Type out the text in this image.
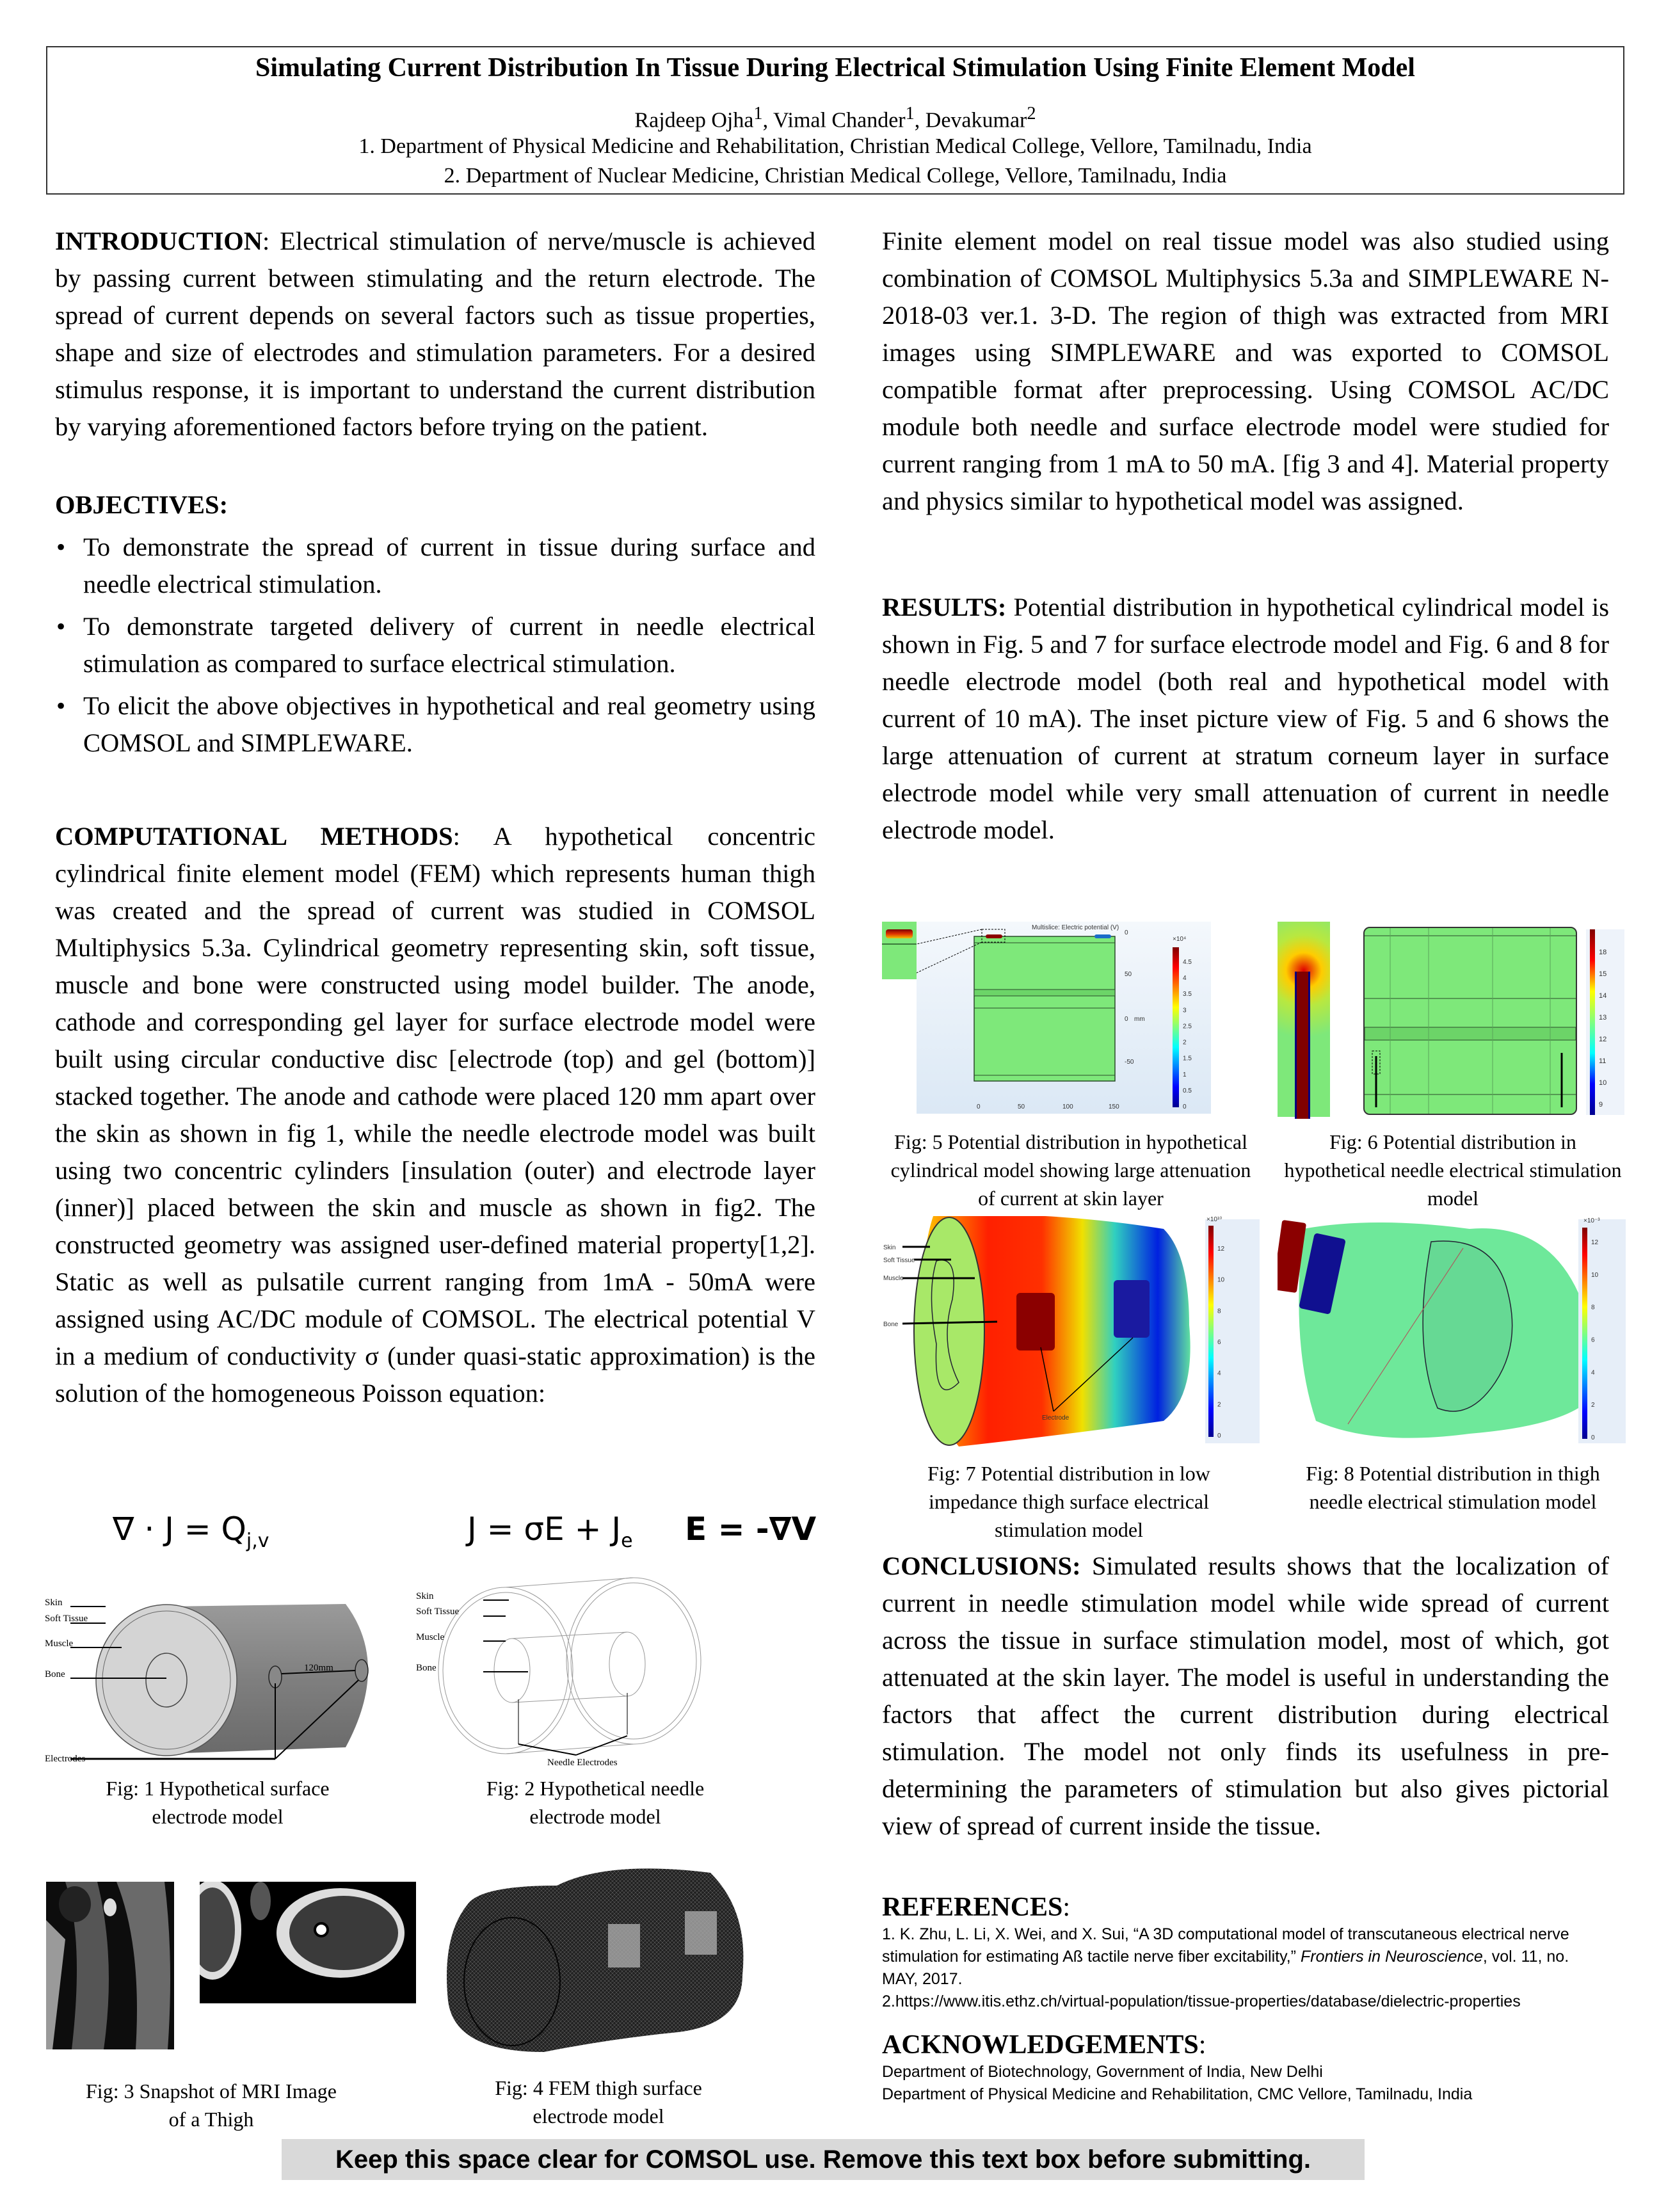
Simulating Current Distribution In Tissue During Electrical Stimulation Using Finite Element Model
Rajdeep Ojha$^1$, Vimal Chander$^1$, Devakumar$^2$
1. Department of Physical Medicine and Rehabilitation, Christian Medical College, Vellore, Tamilnadu, India
2. Department of Nuclear Medicine, Christian Medical College, Vellore, Tamilnadu, India
INTRODUCTION: Electrical stimulation of nerve/muscle is achieved by passing current between stimulating and the return electrode. The spread of current depends on several factors such as tissue properties, shape and size of electrodes and stimulation parameters. For a desired stimulus response, it is important to understand the current distribution by varying aforementioned factors before trying on the patient.
OBJECTIVES:
• To demonstrate the spread of current in tissue during surface and needle electrical stimulation.
• To demonstrate targeted delivery of current in needle electrical stimulation as compared to surface electrical stimulation.
• To elicit the above objectives in hypothetical and real geometry using COMSOL and SIMPLEWARE.
COMPUTATIONAL METHODS: A hypothetical concentric cylindrical finite element model (FEM) which represents human thigh was created and the spread of current was studied in COMSOL Multiphysics 5.3a. Cylindrical geometry representing skin, soft tissue, muscle and bone were constructed using model builder. The anode, cathode and corresponding gel layer for surface electrode model were built using circular conductive disc [electrode (top) and gel (bottom)] stacked together. The anode and cathode were placed 120 mm apart over the skin as shown in fig 1, while the needle electrode model was built using two concentric cylinders [insulation (outer) and electrode layer (inner)] placed between the skin and muscle as shown in fig2. The constructed geometry was assigned user-defined material property[1,2]. Static as well as pulsatile current ranging from 1mA - 50mA were assigned using AC/DC module of COMSOL. The electrical potential V in a medium of conductivity σ (under quasi-static approximation) is the solution of the homogeneous Poisson equation:
∇ · $J = Q_{j,v}$	$J = \sigma E + J_e$ E = -∇V
120mm
Skin
Soft Tissue
Muscle
Bone
Electrodes
Fig: 1 Hypothetical surface electrode model
Skin
Soft Tissue
Muscle
Bone
Needle Electrodes
Fig: 2 Hypothetical needle electrode model
Fig: 3 Snapshot of MRI Image of a Thigh
Fig: 4 FEM thigh surface electrode model
Finite element model on real tissue model was also studied using combination of COMSOL Multiphysics 5.3a and SIMPLEWARE N-2018-03 ver.1. 3-D. The region of thigh was extracted from MRI images using SIMPLEWARE and was exported to COMSOL compatible format after preprocessing. Using COMSOL AC/DC module both needle and surface electrode model were studied for current ranging from 1 mA to 50 mA. [fig 3 and 4]. Material property and physics similar to hypothetical model was assigned.
RESULTS: Potential distribution in hypothetical cylindrical model is shown in Fig. 5 and 7 for surface electrode model and Fig. 6 and 8 for needle electrode model (both real and hypothetical model with current of 10 mA). The inset picture view of Fig. 5 and 6 shows the large attenuation of current at stratum corneum layer in surface electrode model while very small attenuation of current in needle electrode model.
Multislice: Electric potential (V)
0	50	100	150
0
50
0
-50
mm
×10⁴
4.5
4
3.5
3
2.5
2
1.5
1
0.5
0
Fig: 5 Potential distribution in hypothetical cylindrical model showing large attenuation of current at skin layer
18
15
14
13
12
11
10
9
Fig: 6 Potential distribution in hypothetical needle electrical stimulation model
Skin
Soft Tissue
Muscle
Bone
Electrode
×10¹⁰
12
10
8
6
4
2
0
Fig: 7 Potential distribution in low impedance thigh surface electrical stimulation model
×10⁻³
12
10
8
6
4
2
0
Fig: 8 Potential distribution in thigh needle electrical stimulation model
CONCLUSIONS: Simulated results shows that the localization of current in needle stimulation model while wide spread of current across the tissue in surface stimulation model, most of which, got attenuated at the skin layer. The model is useful in understanding the factors that affect the current distribution during electrical stimulation. The model not only finds its usefulness in pre-determining the parameters of stimulation but also gives pictorial view of spread of current inside the tissue.
REFERENCES:
1. K. Zhu, L. Li, X. Wei, and X. Sui, “A 3D computational model of transcutaneous electrical nerve stimulation for estimating Aß tactile nerve fiber excitability,” Frontiers in Neuroscience, vol. 11, no. MAY, 2017.
2.https://www.itis.ethz.ch/virtual-population/tissue-properties/database/dielectric-properties
ACKNOWLEDGEMENTS:
Department of Biotechnology, Government of India, New Delhi
Department of Physical Medicine and Rehabilitation, CMC Vellore, Tamilnadu, India
Keep this space clear for COMSOL use. Remove this text box before submitting.
